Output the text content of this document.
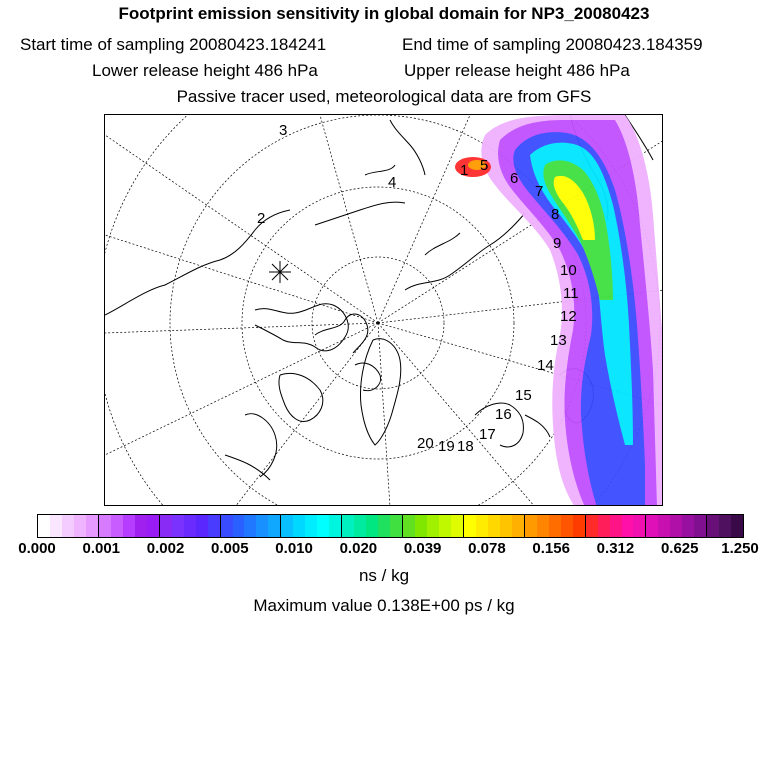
Footprint emission sensitivity in global domain for NP3_20080423
Start time of sampling 20080423.184241	End time of sampling 20080423.184359
Lower release height 486 hPa	Upper release height 486 hPa
Passive tracer used, meteorological data are from GFS
1
2
3
4
5
6
7
8
9
10
11
12
13
14
15
16
17
18
19
20
0.000 0.001 0.002 0.005 0.010 0.020 0.039 0.078 0.156 0.312 0.625 1.250
ns / kg
Maximum value 0.138E+00 ps / kg
